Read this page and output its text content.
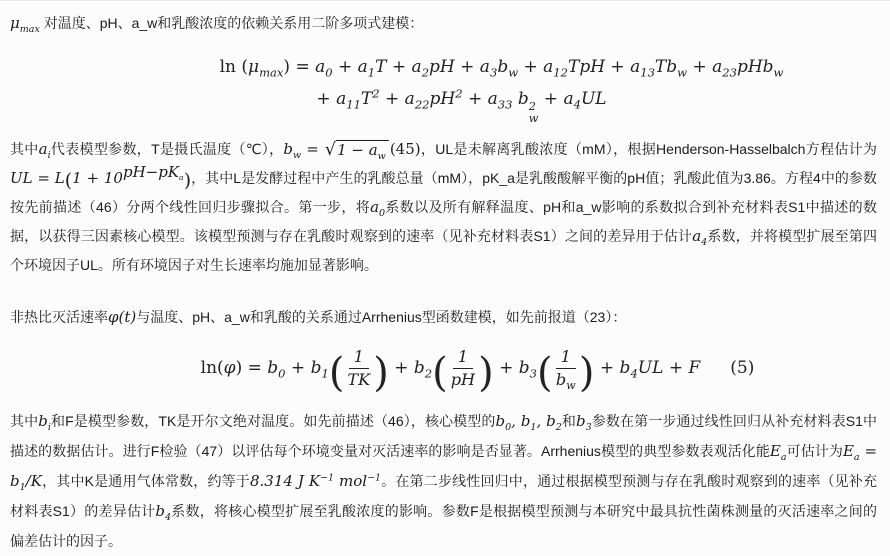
$\mu_{max}$ 对温度、pH、a_w和乳酸浓度的依赖关系用二阶多项式建模：

$\ln (\mu_{max}) = a_0 + a_1T + a_2pH + a_3b_w + a_{12}TpH + a_{13}Tb_w + a_{23}pHb_w$
+ $a_{11}T^2 + a_{22}pH^2 + a_{33}$ b 2
w
+ $a_4UL$

其中$a_i$代表模型参数，T是摄氏温度（℃），$b_w$ = √ $1 - a_w$ (45)，UL是未解离乳酸浓度（mM），根据Henderson-Hasselbalch方程估计为UL = $L(1 + 10^{pH-pK_a})$，其中L是发酵过程中产生的乳酸总量（mM），pK_a是乳酸酸解平衡的pH值；乳酸此值为3.86。方程4中的参数按先前描述（46）分两个线性回归步骤拟合。第一步，将$a_0$系数以及所有解释温度、pH和a_w影响的系数拟合到补充材料表S1中描述的数据，以获得三因素核心模型。该模型预测与存在乳酸时观察到的速率（见补充材料表S1）之间的差异用于估计$a_4$系数，并将模型扩展至第四个环境因子UL。所有环境因子对生长速率均施加显著影响。

非热比灭活速率φ(t)与温度、pH、a_w和乳酸的关系通过Arrhenius型函数建模，如先前报道（23）：

$\ln(\varphi) = b_0 + b_1( \frac{1}{TK}$ ) + $b_2( \frac{1}{pH}$ ) + $b_3( \frac{1}{b_w}$ ) + $b_4UL + F$ (5)

其中$b_i$和F是模型参数，TK是开尔文绝对温度。如先前描述（46），核心模型的$b_0$, $b_1$, $b_2$和$b_3$参数在第一步通过线性回归从补充材料表S1中描述的数据估计。进行F检验（47）以评估每个环境变量对灭活速率的影响是否显著。Arrhenius模型的典型参数表观活化能$E_a$可估计为$E_a = b_1/K$，其中K是通用气体常数，约等于8.314 J $K^{-1}$ mol$^{-1}$。在第二步线性回归中，通过根据模型预测与存在乳酸时观察到的速率（见补充材料表S1）的差异估计$b_4$系数，将核心模型扩展至乳酸浓度的影响。参数F是根据模型预测与本研究中最具抗性菌株测量的灭活速率之间的偏差估计的因子。
